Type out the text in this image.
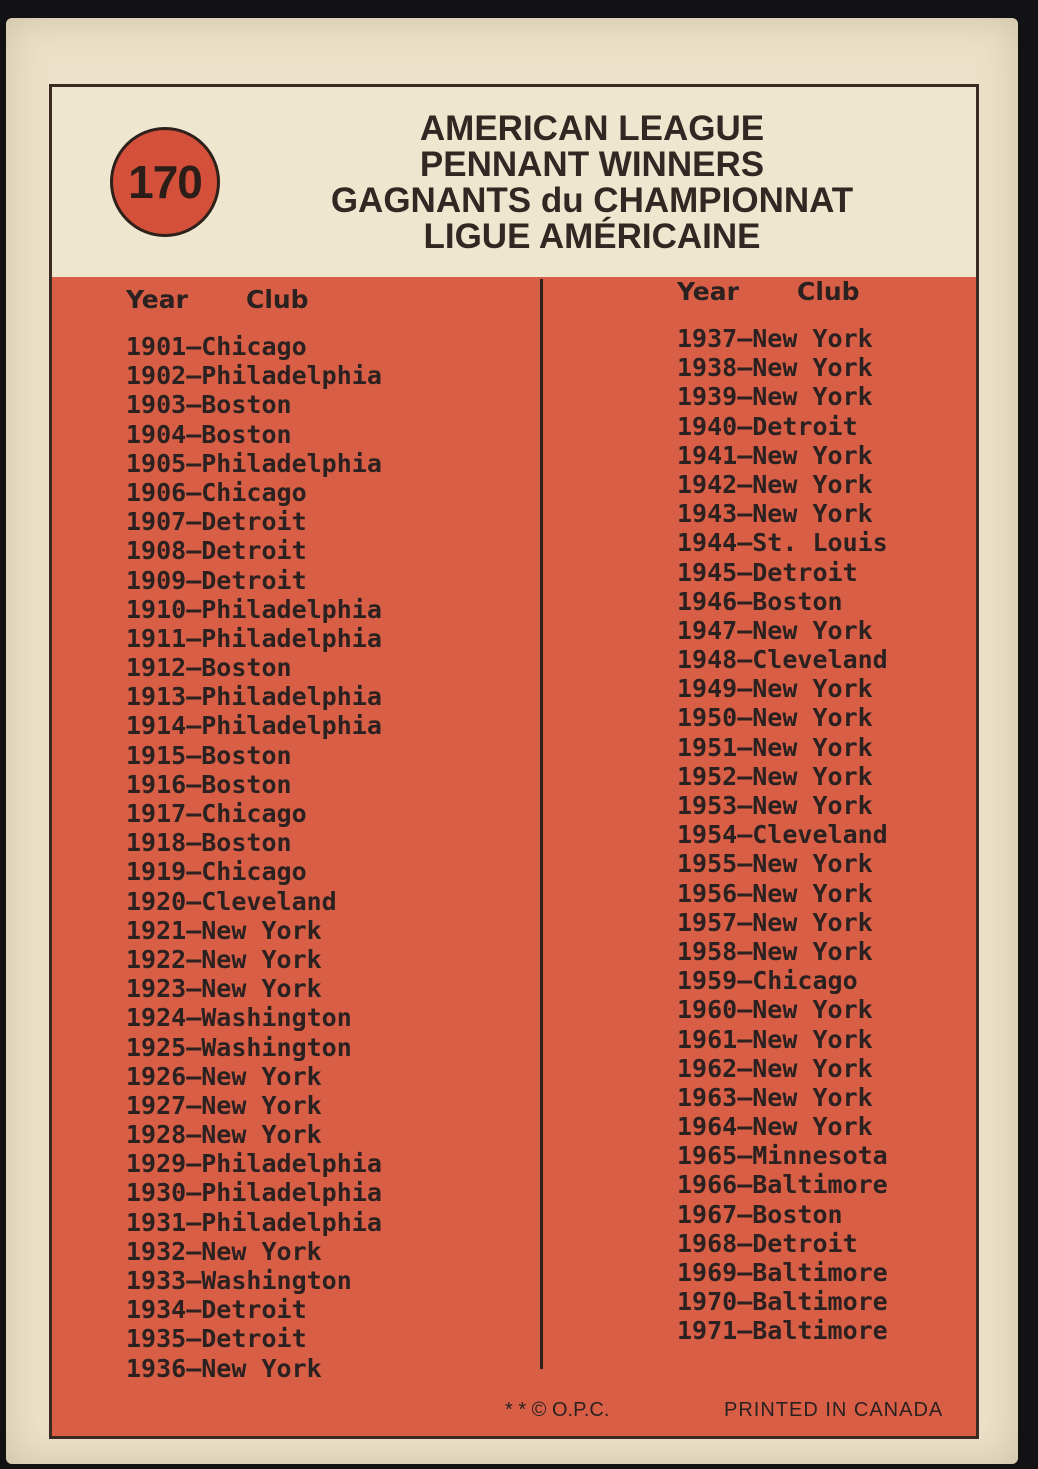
170
AMERICAN LEAGUE
PENNANT WINNERS
GAGNANTS du CHAMPIONNAT
LIGUE AMÉRICAINE
Year Club
1901—Chicago
1902—Philadelphia
1903—Boston
1904—Boston
1905—Philadelphia
1906—Chicago
1907—Detroit
1908—Detroit
1909—Detroit
1910—Philadelphia
1911—Philadelphia
1912—Boston
1913—Philadelphia
1914—Philadelphia
1915—Boston
1916—Boston
1917—Chicago
1918—Boston
1919—Chicago
1920—Cleveland
1921—New York
1922—New York
1923—New York
1924—Washington
1925—Washington
1926—New York
1927—New York
1928—New York
1929—Philadelphia
1930—Philadelphia
1931—Philadelphia
1932—New York
1933—Washington
1934—Detroit
1935—Detroit
1936—New York
Year Club
1937—New York
1938—New York
1939—New York
1940—Detroit
1941—New York
1942—New York
1943—New York
1944—St. Louis
1945—Detroit
1946—Boston
1947—New York
1948—Cleveland
1949—New York
1950—New York
1951—New York
1952—New York
1953—New York
1954—Cleveland
1955—New York
1956—New York
1957—New York
1958—New York
1959—Chicago
1960—New York
1961—New York
1962—New York
1963—New York
1964—New York
1965—Minnesota
1966—Baltimore
1967—Boston
1968—Detroit
1969—Baltimore
1970—Baltimore
1971—Baltimore
* * © O.P.C.	PRINTED IN CANADA
